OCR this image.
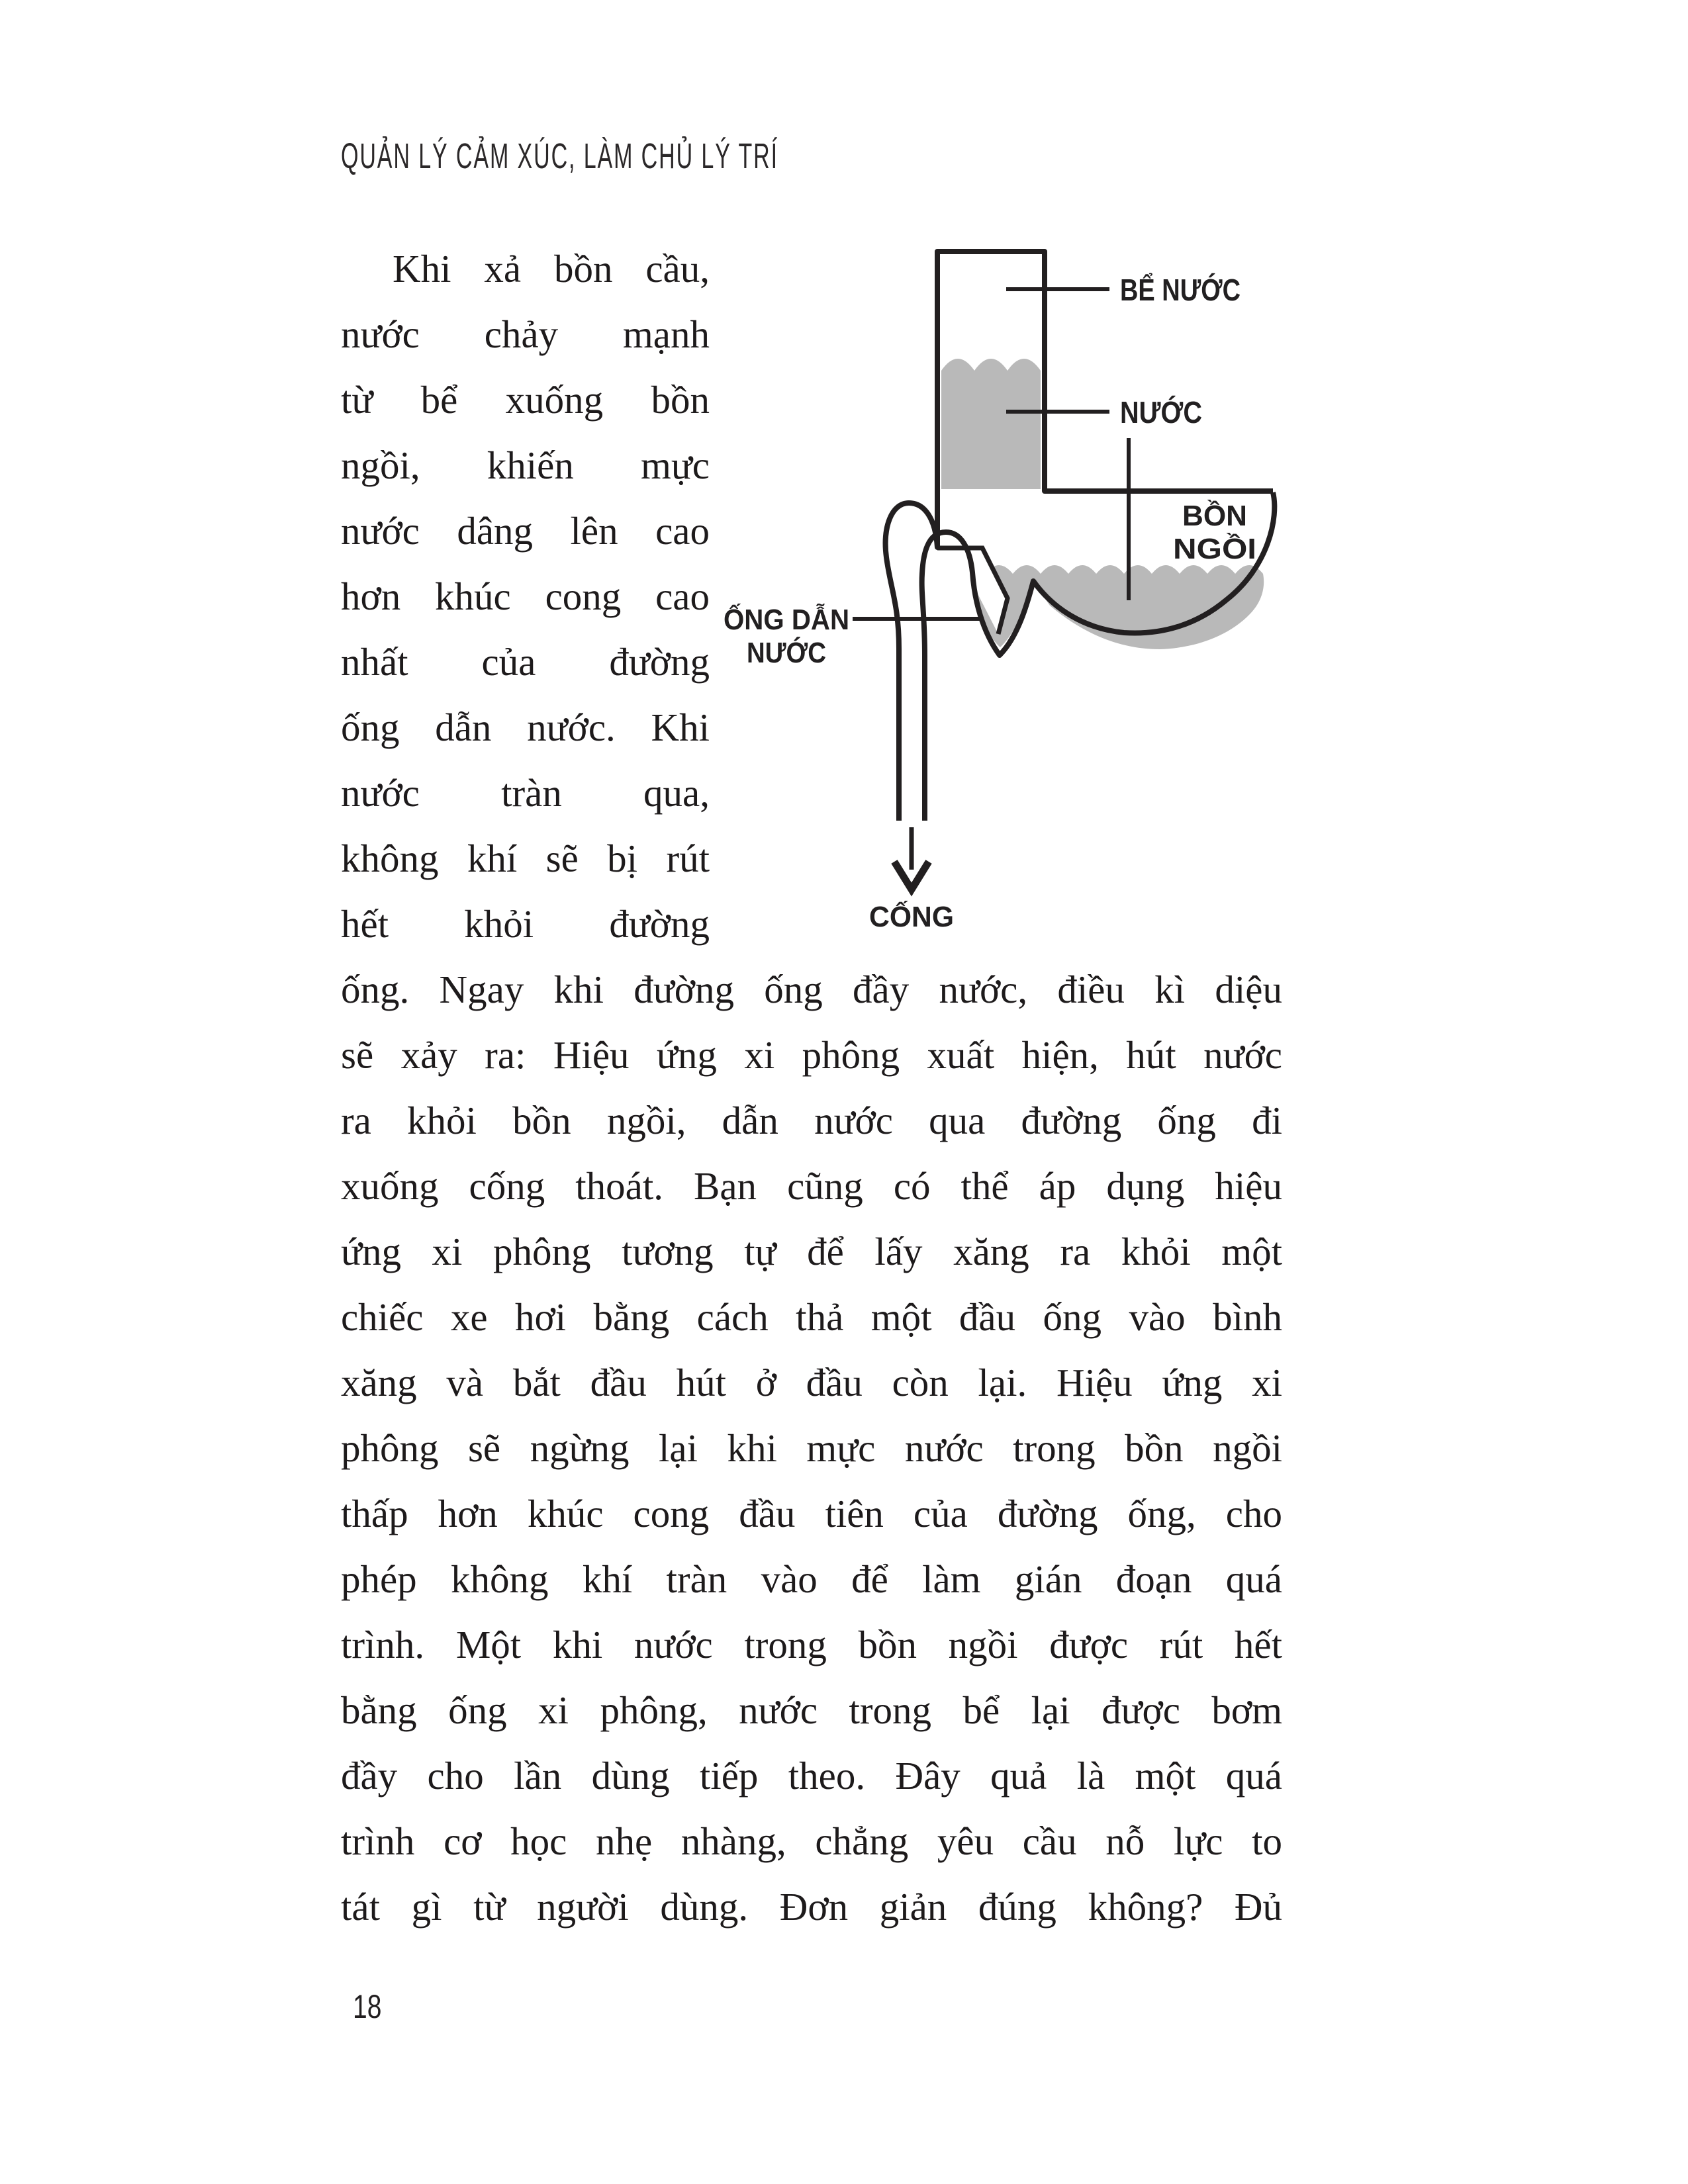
QUẢN LÝ CẢM XÚC, LÀM CHỦ LÝ TRÍ
Khi xả bồn cầu,
nước chảy mạnh
từ bể xuống bồn
ngồi, khiến mực
nước dâng lên cao
hơn khúc cong cao
nhất của đường
ống dẫn nước. Khi
nước tràn qua,
không khí sẽ bị rút
hết khỏi đường
ống. Ngay khi đường ống đầy nước, điều kì diệu
sẽ xảy ra: Hiệu ứng xi phông xuất hiện, hút nước
ra khỏi bồn ngồi, dẫn nước qua đường ống đi
xuống cống thoát. Bạn cũng có thể áp dụng hiệu
ứng xi phông tương tự để lấy xăng ra khỏi một
chiếc xe hơi bằng cách thả một đầu ống vào bình
xăng và bắt đầu hút ở đầu còn lại. Hiệu ứng xi
phông sẽ ngừng lại khi mực nước trong bồn ngồi
thấp hơn khúc cong đầu tiên của đường ống, cho
phép không khí tràn vào để làm gián đoạn quá
trình. Một khi nước trong bồn ngồi được rút hết
bằng ống xi phông, nước trong bể lại được bơm
đầy cho lần dùng tiếp theo. Đây quả là một quá
trình cơ học nhẹ nhàng, chẳng yêu cầu nỗ lực to
tát gì từ người dùng. Đơn giản đúng không? Đủ
BỂ NƯỚC
NƯỚC
BỒN
NGỒI
ỐNG DẪN
NƯỚC
CỐNG
18
